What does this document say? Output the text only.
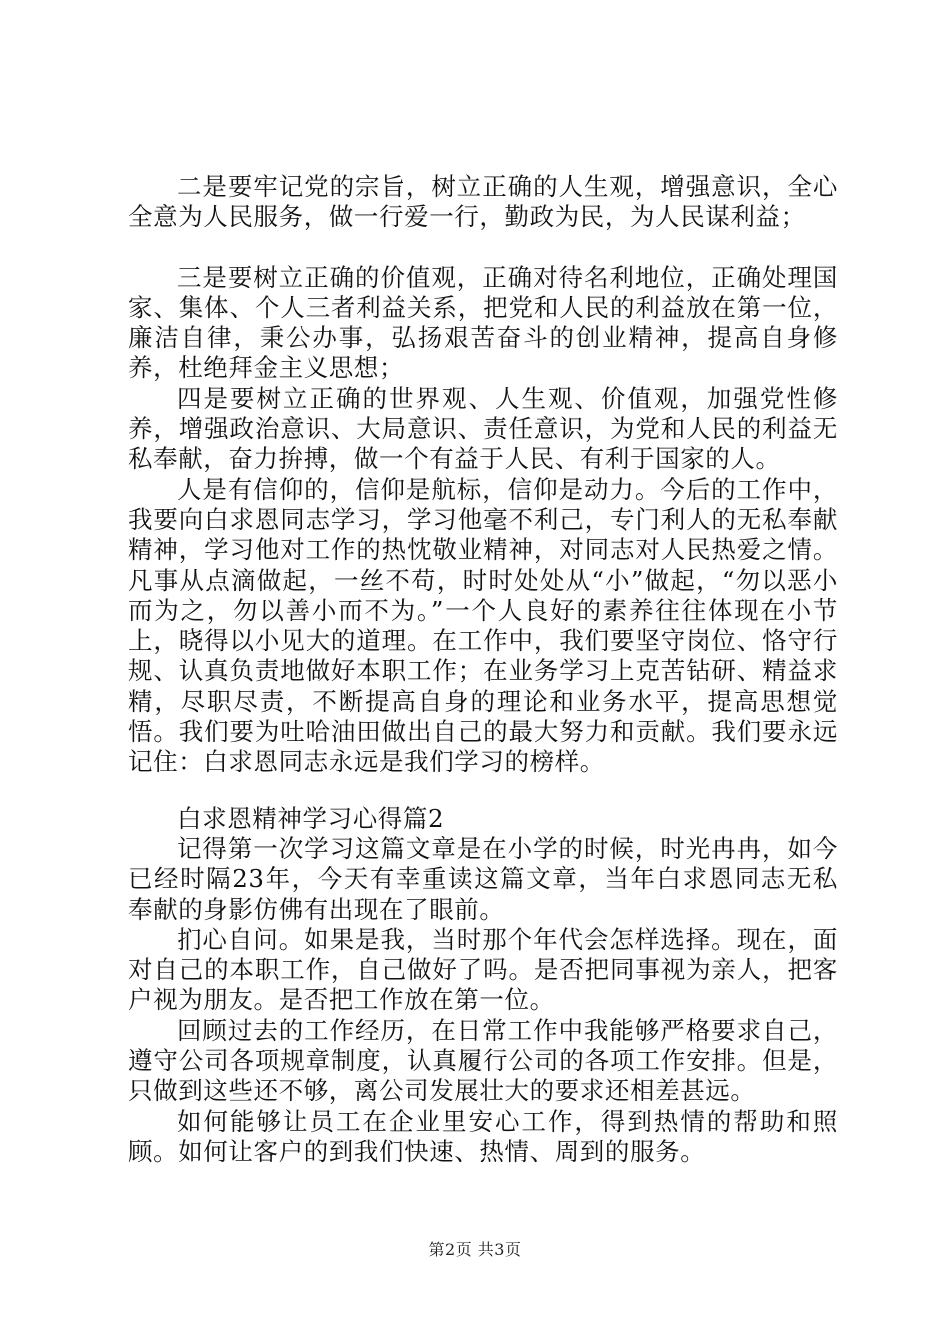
二是要牢记党的宗旨，树立正确的人生观，增强意识，全心全意为人民服务，做一行爱一行，勤政为民，为人民谋利益；

三是要树立正确的价值观，正确对待名利地位，正确处理国家、集体、个人三者利益关系，把党和人民的利益放在第一位，廉洁自律，秉公办事，弘扬艰苦奋斗的创业精神，提高自身修养，杜绝拜金主义思想；

四是要树立正确的世界观、人生观、价值观，加强党性修养，增强政治意识、大局意识、责任意识，为党和人民的利益无私奉献，奋力拚搏，做一个有益于人民、有利于国家的人。

人是有信仰的，信仰是航标，信仰是动力。今后的工作中，我要向白求恩同志学习，学习他毫不利己，专门利人的无私奉献精神，学习他对工作的热忱敬业精神，对同志对人民热爱之情。凡事从点滴做起，一丝不苟，时时处处从“小”做起，“勿以恶小而为之，勿以善小而不为。”一个人良好的素养往往体现在小节上，晓得以小见大的道理。在工作中，我们要坚守岗位、恪守行规、认真负责地做好本职工作；在业务学习上克苦钻研、精益求精，尽职尽责，不断提高自身的理论和业务水平，提高思想觉悟。我们要为吐哈油田做出自己的最大努力和贡献。我们要永远记住：白求恩同志永远是我们学习的榜样。

白求恩精神学习心得篇2

记得第一次学习这篇文章是在小学的时候，时光冉冉，如今已经时隔23年，今天有幸重读这篇文章，当年白求恩同志无私奉献的身影仿佛有出现在了眼前。

扪心自问。如果是我，当时那个年代会怎样选择。现在，面对自己的本职工作，自己做好了吗。是否把同事视为亲人，把客户视为朋友。是否把工作放在第一位。

回顾过去的工作经历，在日常工作中我能够严格要求自己，遵守公司各项规章制度，认真履行公司的各项工作安排。但是，只做到这些还不够，离公司发展壮大的要求还相差甚远。

如何能够让员工在企业里安心工作，得到热情的帮助和照顾。如何让客户的到我们快速、热情、周到的服务。

第2页 共3页
